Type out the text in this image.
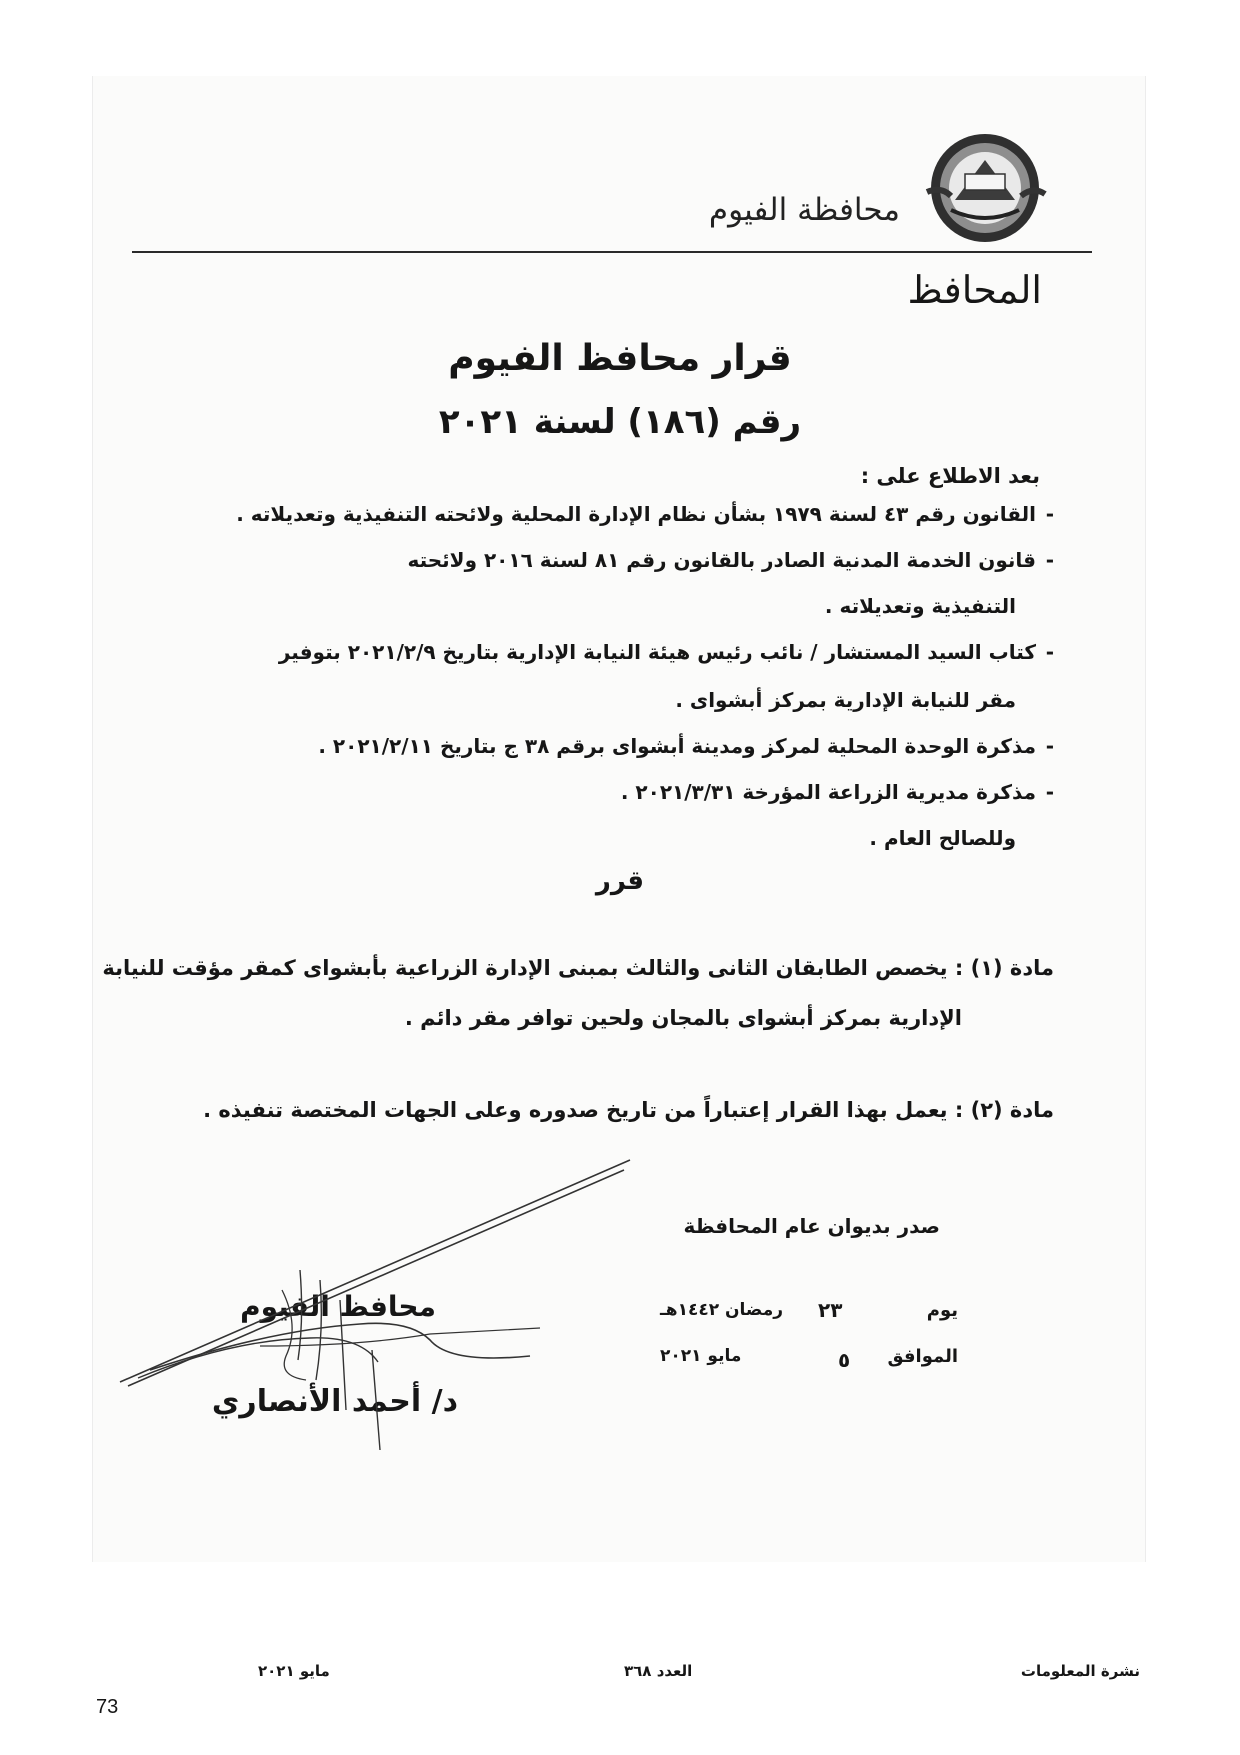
محافظة الفيوم
المحافظ
قرار محافظ الفيوم
رقم (١٨٦) لسنة ٢٠٢١
بعد الاطلاع على :
-القانون رقم ٤٣ لسنة ١٩٧٩ بشأن نظام الإدارة المحلية ولائحته التنفيذية وتعديلاته .
-قانون الخدمة المدنية الصادر بالقانون رقم ٨١ لسنة ٢٠١٦ ولائحته
التنفيذية وتعديلاته .
-كتاب السيد المستشار / نائب رئيس هيئة النيابة الإدارية بتاريخ ٢٠٢١/٢/٩ بتوفير
مقر للنيابة الإدارية بمركز أبشواى .
-مذكرة الوحدة المحلية لمركز ومدينة أبشواى برقم ٣٨ ج بتاريخ ٢٠٢١/٢/١١ .
-مذكرة مديرية الزراعة المؤرخة ٢٠٢١/٣/٣١ .
وللصالح العام .
قرر
مادة (١) : يخصص الطابقان الثانى والثالث بمبنى الإدارة الزراعية بأبشواى كمقر مؤقت للنيابة
الإدارية بمركز أبشواى بالمجان ولحين توافر مقر دائم .
مادة (٢) : يعمل بهذا القرار إعتباراً من تاريخ صدوره وعلى الجهات المختصة تنفيذه .
صدر بديوان عام المحافظة
يوم
٢٣
رمضان ١٤٤٢هـ
الموافق
٥
مايو ٢٠٢١
محافظ الفيوم
د/ أحمد الأنصاري
نشرة المعلومات
العدد ٣٦٨
مايو ٢٠٢١
73
